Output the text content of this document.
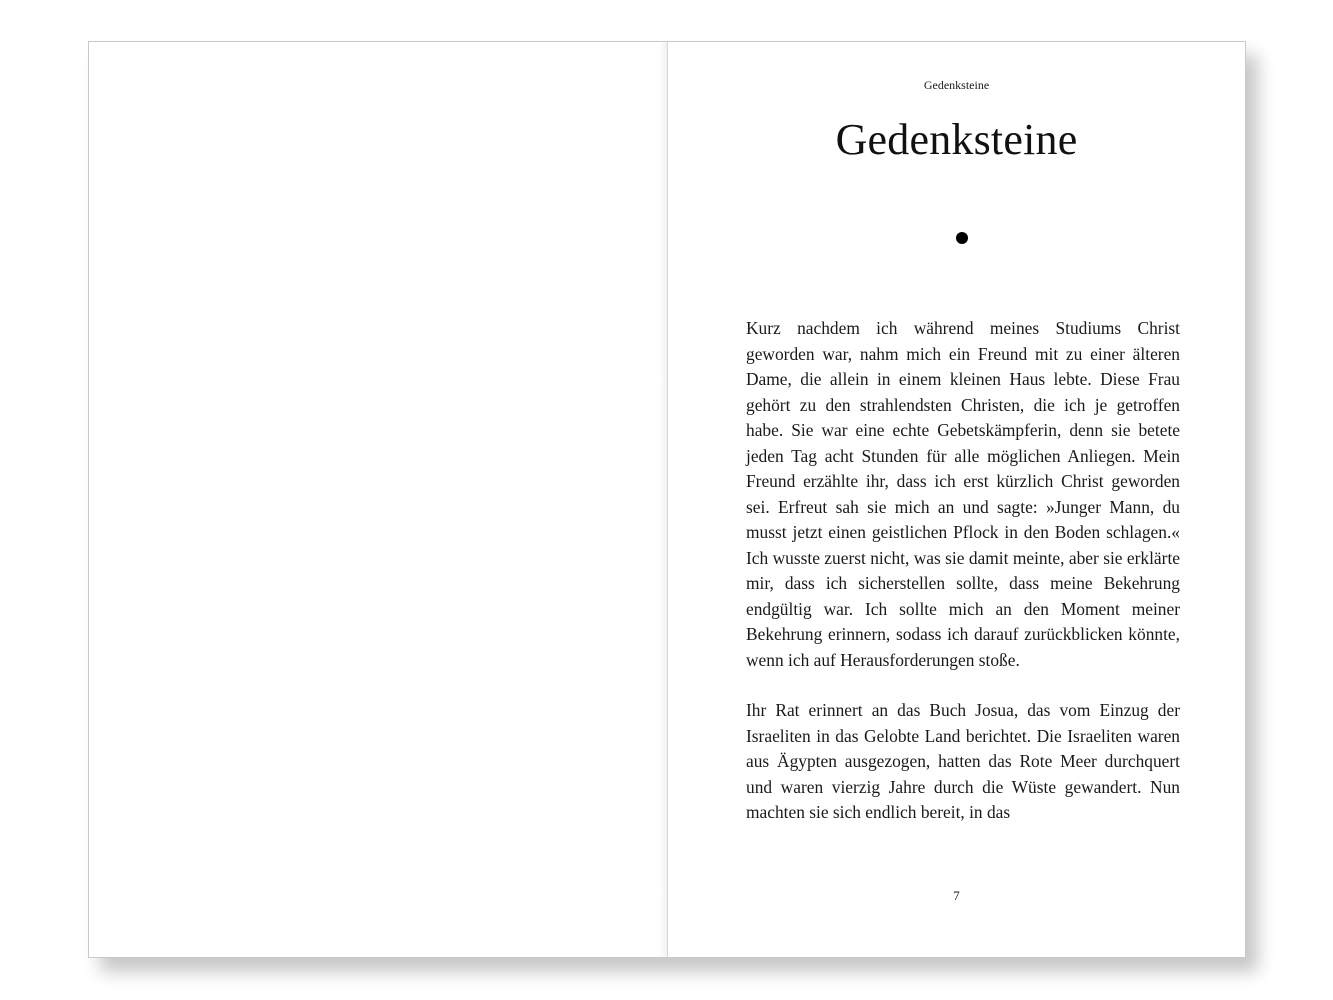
Gedenksteine
Gedenksteine

Kurz nachdem ich während meines Studiums Christ geworden war, nahm mich ein Freund mit zu einer älteren Dame, die allein in einem kleinen Haus lebte. Diese Frau gehört zu den strahlendsten Christen, die ich je getroffen habe. Sie war eine echte Gebetskämpferin, denn sie betete jeden Tag acht Stunden für alle möglichen Anliegen. Mein Freund erzählte ihr, dass ich erst kürzlich Christ geworden sei. Erfreut sah sie mich an und sagte: »Junger Mann, du musst jetzt einen geistlichen Pflock in den Boden schlagen.« Ich wusste zuerst nicht, was sie damit meinte, aber sie erklärte mir, dass ich sicherstellen sollte, dass meine Bekehrung endgültig war. Ich sollte mich an den Moment meiner Bekehrung erinnern, sodass ich darauf zurückblicken könnte, wenn ich auf Herausforderungen stoße.

Ihr Rat erinnert an das Buch Josua, das vom Einzug der Israeliten in das Gelobte Land berichtet. Die Israeliten waren aus Ägypten ausgezogen, hatten das Rote Meer durchquert und waren vierzig Jahre durch die Wüste gewandert. Nun machten sie sich endlich bereit, in das

7
